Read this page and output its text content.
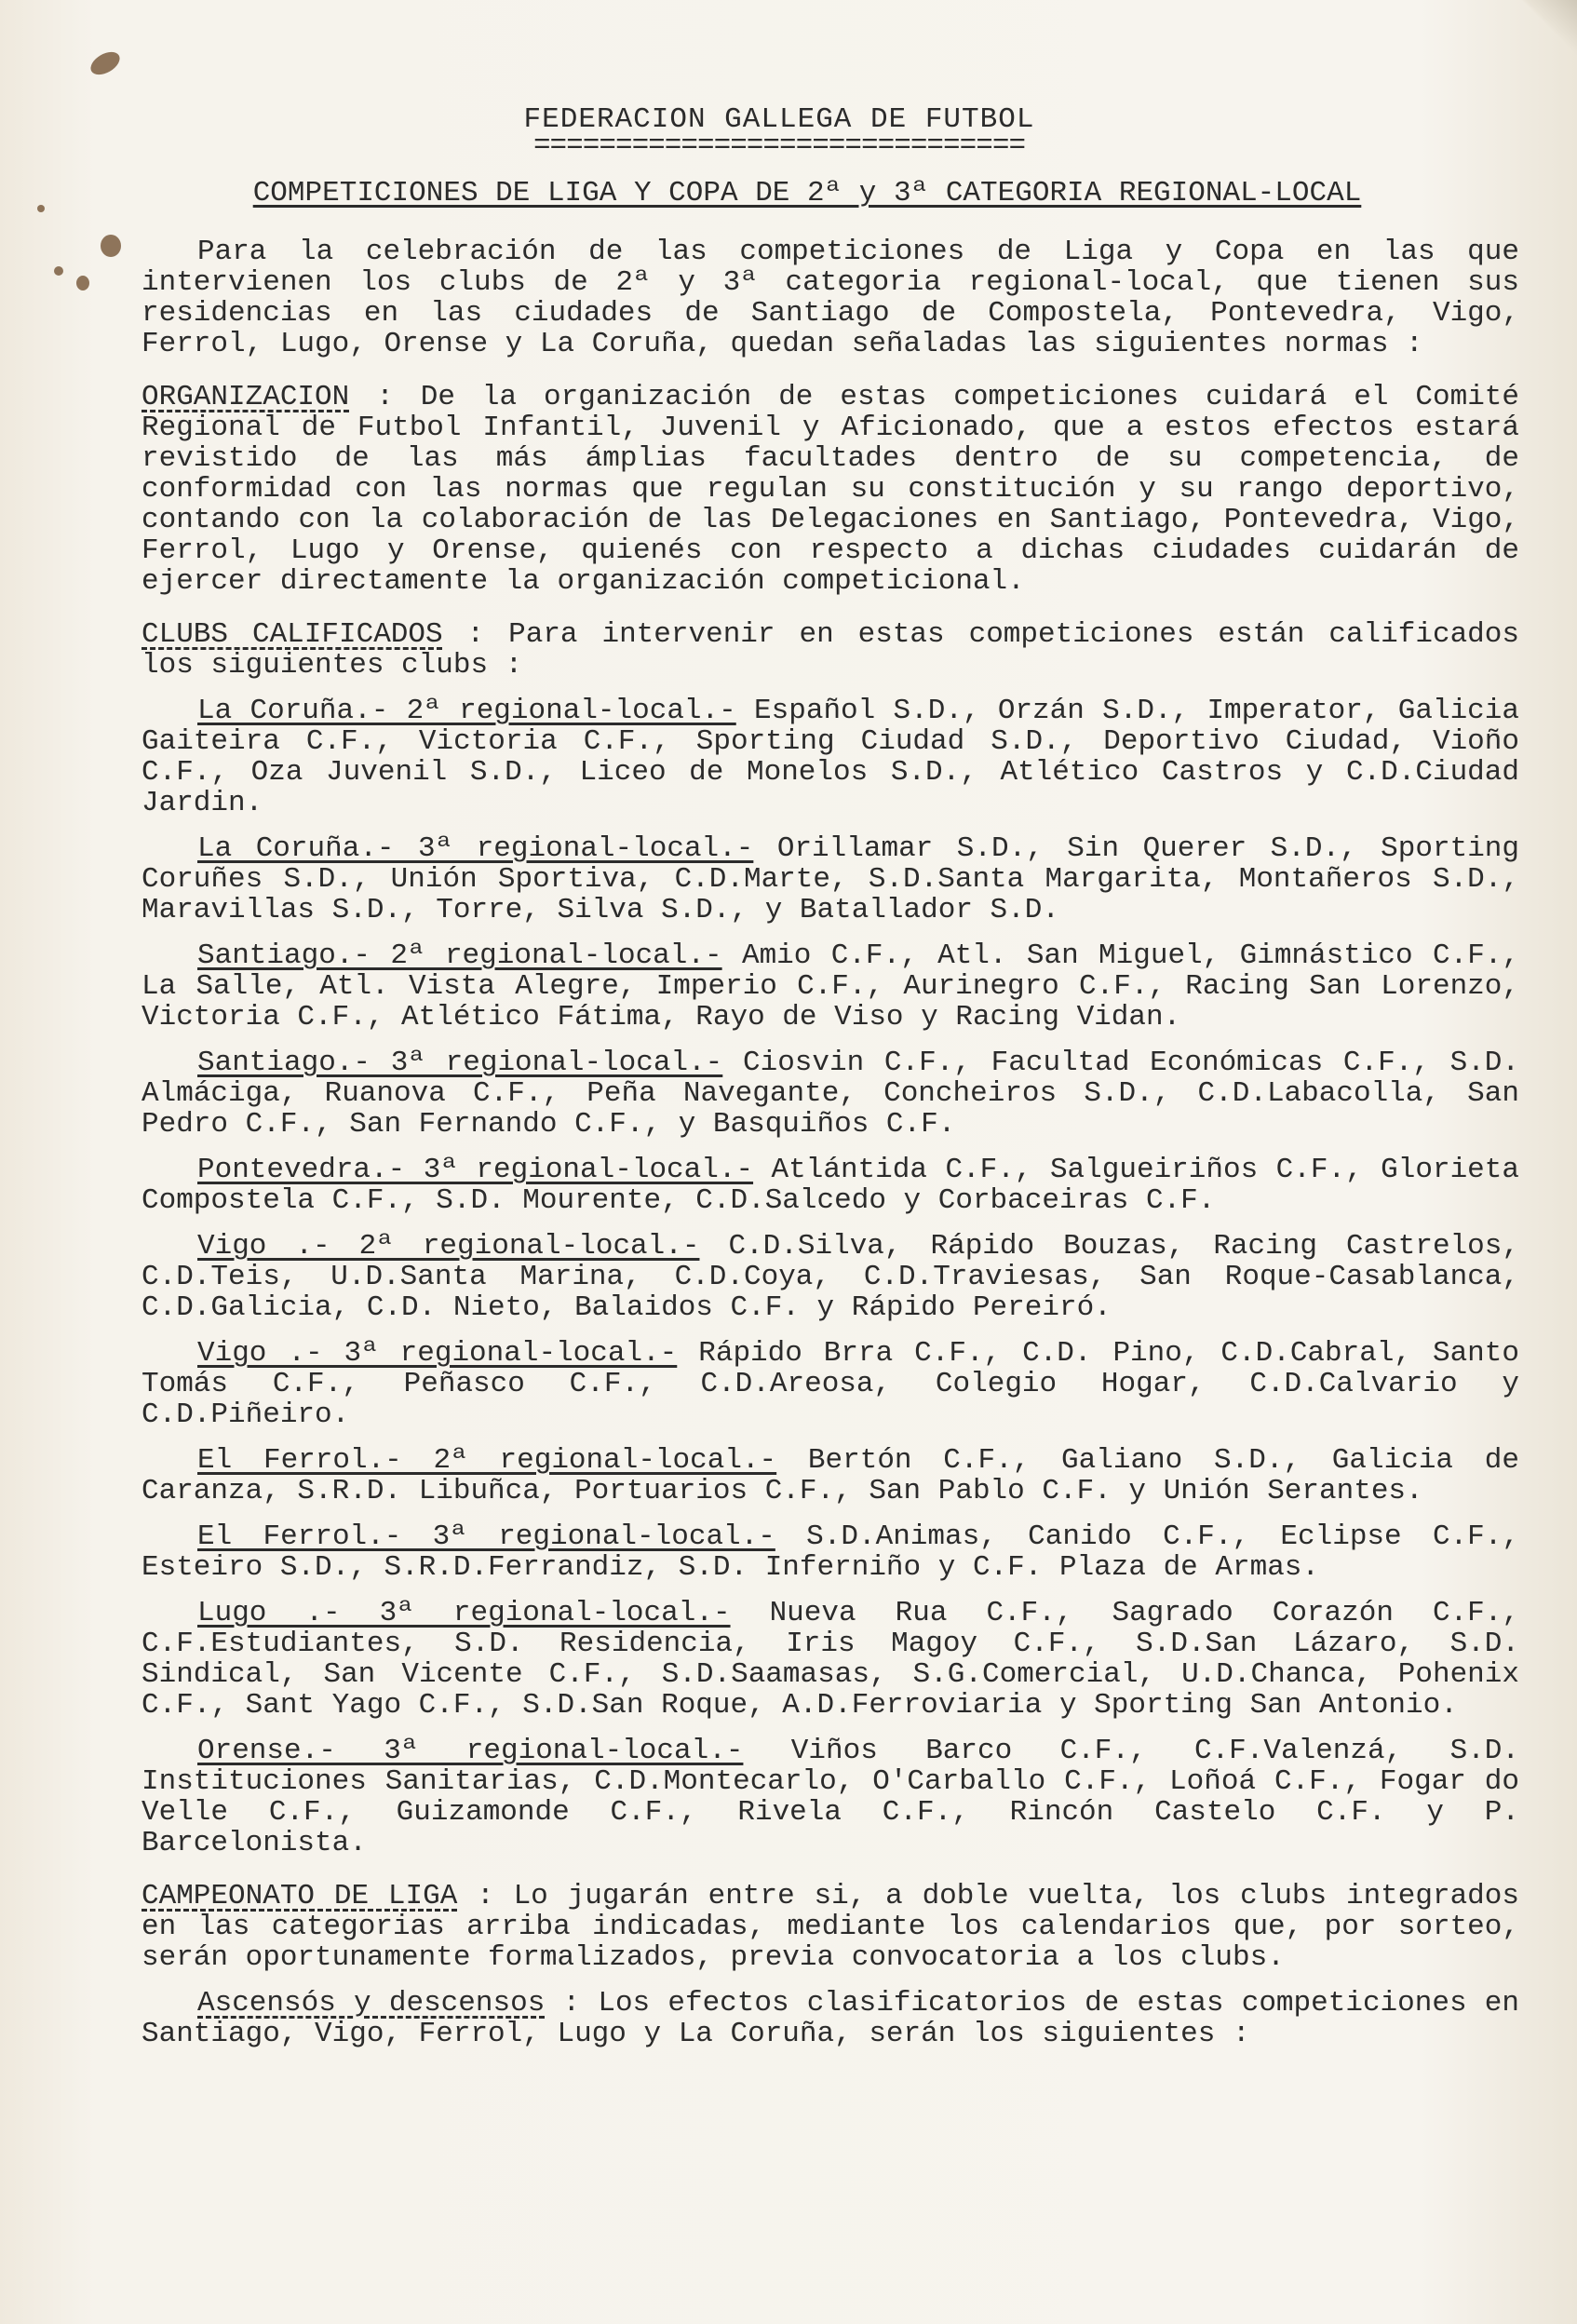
FEDERACION GALLEGA DE FUTBOL
==============================
COMPETICIONES DE LIGA Y COPA DE 2ª y 3ª CATEGORIA REGIONAL-LOCAL

Para la celebración de las competiciones de Liga y Copa en las que intervienen los clubs de 2ª y 3ª categoria regional-local, que tienen sus residencias en las ciudades de Santiago de Compostela, Pontevedra, Vigo, Ferrol, Lugo, Orense y La Coruña, quedan señaladas las siguientes normas :

ORGANIZACION : De la organización de estas competiciones cuidará el Comité Regional de Futbol Infantil, Juvenil y Aficionado, que a estos efectos estará revistido de las más ámplias facultades dentro de su competencia, de conformidad con las normas que regulan su constitución y su rango deportivo, contando con la colaboración de las Delegaciones en Santiago, Pontevedra, Vigo, Ferrol, Lugo y Orense, quienés con respecto a dichas ciudades cuidarán de ejercer directamente la organización competicional.

CLUBS CALIFICADOS : Para intervenir en estas competiciones están calificados los siguientes clubs :

La Coruña.- 2ª regional-local.- Español S.D., Orzán S.D., Imperator, Galicia Gaiteira C.F., Victoria C.F., Sporting Ciudad S.D., Deportivo Ciudad, Vioño C.F., Oza Juvenil S.D., Liceo de Monelos S.D., Atlético Castros y C.D.Ciudad Jardin.

La Coruña.- 3ª regional-local.- Orillamar S.D., Sin Querer S.D., Sporting Coruñes S.D., Unión Sportiva, C.D.Marte, S.D.Santa Margarita, Montañeros S.D., Maravillas S.D., Torre, Silva S.D., y Batallador S.D.

Santiago.- 2ª regional-local.- Amio C.F., Atl. San Miguel, Gimnástico C.F., La Salle, Atl. Vista Alegre, Imperio C.F., Aurinegro C.F., Racing San Lorenzo, Victoria C.F., Atlético Fátima, Rayo de Viso y Racing Vidan.

Santiago.- 3ª regional-local.- Ciosvin C.F., Facultad Económicas C.F., S.D. Almáciga, Ruanova C.F., Peña Navegante, Concheiros S.D., C.D.Labacolla, San Pedro C.F., San Fernando C.F., y Basquiños C.F.

Pontevedra.- 3ª regional-local.- Atlántida C.F., Salgueiriños C.F., Glorieta Compostela C.F., S.D. Mourente, C.D.Salcedo y Corbaceiras C.F.

Vigo .- 2ª regional-local.- C.D.Silva, Rápido Bouzas, Racing Castrelos, C.D.Teis, U.D.Santa Marina, C.D.Coya, C.D.Traviesas, San Roque-Casablanca, C.D.Galicia, C.D. Nieto, Balaidos C.F. y Rápido Pereiró.

Vigo .- 3ª regional-local.- Rápido Brra C.F., C.D. Pino, C.D.Cabral, Santo Tomás C.F., Peñasco C.F., C.D.Areosa, Colegio Hogar, C.D.Calvario y C.D.Piñeiro.

El Ferrol.- 2ª regional-local.- Bertón C.F., Galiano S.D., Galicia de Caranza, S.R.D. Libuñca, Portuarios C.F., San Pablo C.F. y Unión Serantes.

El Ferrol.- 3ª regional-local.- S.D.Animas, Canido C.F., Eclipse C.F., Esteiro S.D., S.R.D.Ferrandiz, S.D. Inferniño y C.F. Plaza de Armas.

Lugo .- 3ª regional-local.- Nueva Rua C.F., Sagrado Corazón C.F., C.F.Estudiantes, S.D. Residencia, Iris Magoy C.F., S.D.San Lázaro, S.D. Sindical, San Vicente C.F., S.D.Saamasas, S.G.Comercial, U.D.Chanca, Pohenix C.F., Sant Yago C.F., S.D.San Roque, A.D.Ferroviaria y Sporting San Antonio.

Orense.- 3ª regional-local.- Viños Barco C.F., C.F.Valenzá, S.D. Instituciones Sanitarias, C.D.Montecarlo, O'Carballo C.F., Loñoá C.F., Fogar do Velle C.F., Guizamonde C.F., Rivela C.F., Rincón Castelo C.F. y P. Barcelonista.

CAMPEONATO DE LIGA : Lo jugarán entre si, a doble vuelta, los clubs integrados en las categorias arriba indicadas, mediante los calendarios que, por sorteo, serán oportunamente formalizados, previa convocatoria a los clubs.

Ascensós y descensos : Los efectos clasificatorios de estas competiciones en Santiago, Vigo, Ferrol, Lugo y La Coruña, serán los siguientes :
